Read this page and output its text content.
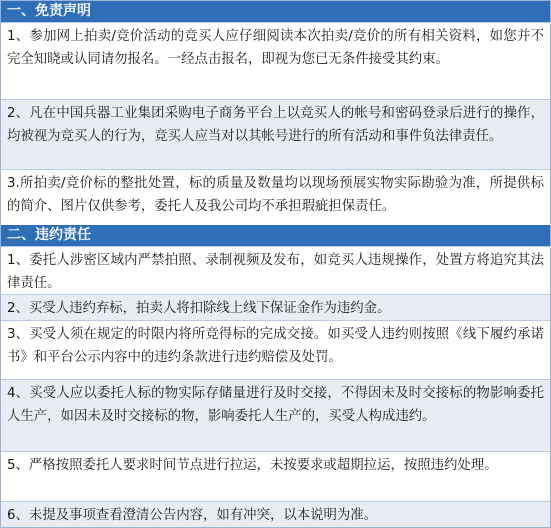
一、免责声明
1、参加网上拍卖/竞价活动的竞买人应仔细阅读本次拍卖/竞价的所有相关资料，如您并不完全知晓或认同请勿报名。一经点击报名，即视为您已无条件接受其约束。
2、凡在中国兵器工业集团采购电子商务平台上以竞买人的帐号和密码登录后进行的操作，均被视为竞买人的行为，竞买人应当对以其帐号进行的所有活动和事件负法律责任。
3.所拍卖/竞价标的整批处置，标的质量及数量均以现场预展实物实际勘验为准，所提供标的简介、图片仅供参考，委托人及我公司均不承担瑕疵担保责任。
二、违约责任
1、委托人涉密区域内严禁拍照、录制视频及发布，如竞买人违规操作，处置方将追究其法律责任。
2、买受人违约弃标，拍卖人将扣除线上线下保证金作为违约金。
3、买受人须在规定的时限内将所竞得标的完成交接。如买受人违约则按照《线下履约承诺书》和平台公示内容中的违约条款进行违约赔偿及处罚。
4、买受人应以委托人标的物实际存储量进行及时交接，不得因未及时交接标的物影响委托人生产，如因未及时交接标的物，影响委托人生产的，买受人构成违约。
5、严格按照委托人要求时间节点进行拉运，未按要求或超期拉运，按照违约处理。
6、未提及事项查看澄清公告内容，如有冲突，以本说明为准。
